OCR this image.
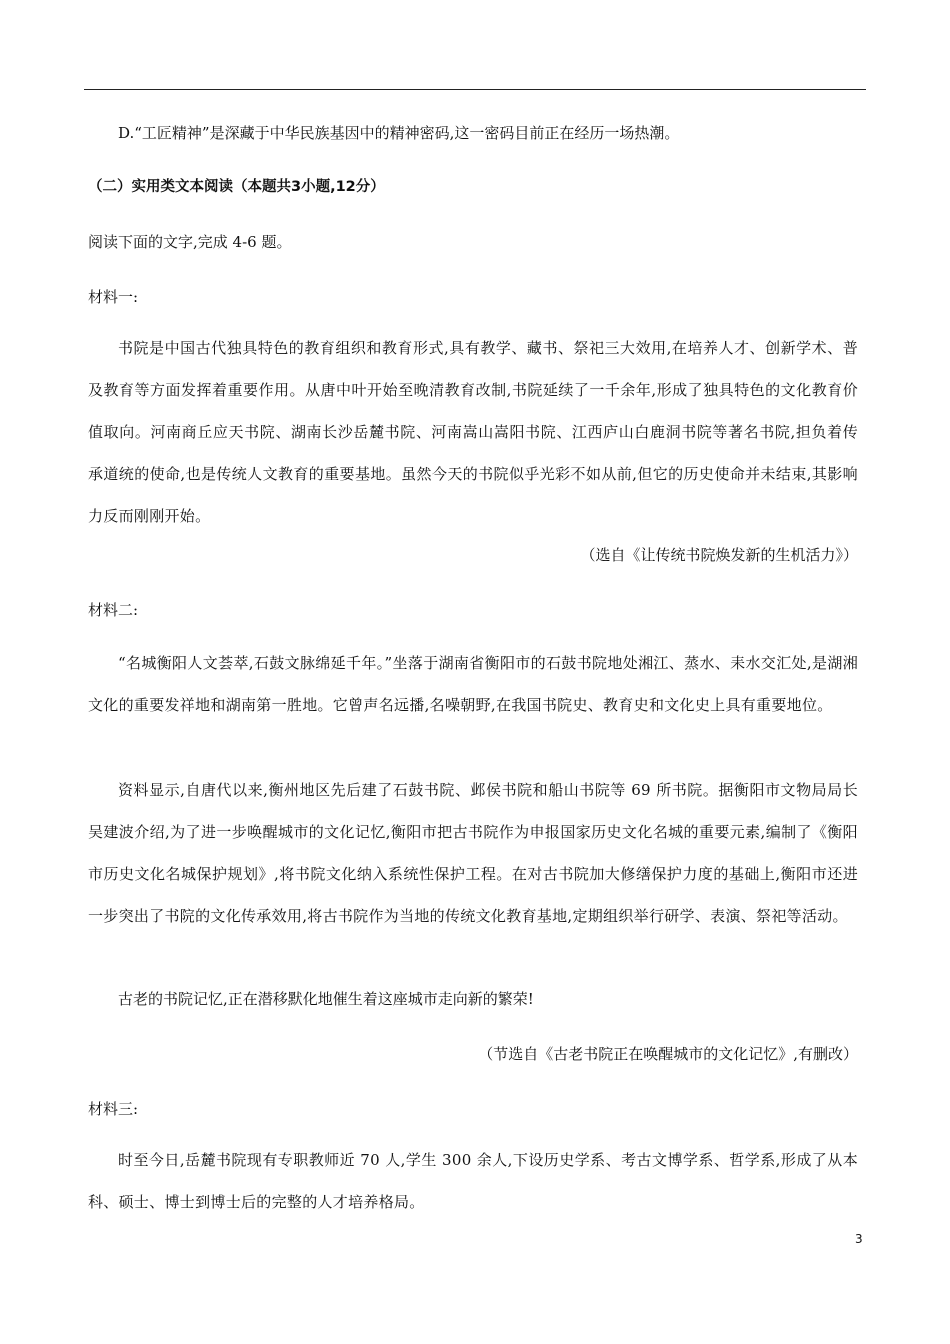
D.“工匠精神”是深藏于中华民族基因中的精神密码,这一密码目前正在经历一场热潮。
（二）实用类文本阅读（本题共3小题,12分）
阅读下面的文字,完成 4-6 题。
材料一:
书院是中国古代独具特色的教育组织和教育形式,具有教学、藏书、祭祀三大效用,在培养人才、创新学术、普及教育等方面发挥着重要作用。从唐中叶开始至晚清教育改制,书院延续了一千余年,形成了独具特色的文化教育价值取向。河南商丘应天书院、湖南长沙岳麓书院、河南嵩山嵩阳书院、江西庐山白鹿洞书院等著名书院,担负着传承道统的使命,也是传统人文教育的重要基地。虽然今天的书院似乎光彩不如从前,但它的历史使命并未结束,其影响力反而刚刚开始。
（选自《让传统书院焕发新的生机活力》）
材料二:
“名城衡阳人文荟萃,石鼓文脉绵延千年。”坐落于湖南省衡阳市的石鼓书院地处湘江、蒸水、耒水交汇处,是湖湘文化的重要发祥地和湖南第一胜地。它曾声名远播,名噪朝野,在我国书院史、教育史和文化史上具有重要地位。
资料显示,自唐代以来,衡州地区先后建了石鼓书院、邺侯书院和船山书院等 69 所书院。据衡阳市文物局局长吴建波介绍,为了进一步唤醒城市的文化记忆,衡阳市把古书院作为申报国家历史文化名城的重要元素,编制了《衡阳市历史文化名城保护规划》,将书院文化纳入系统性保护工程。在对古书院加大修缮保护力度的基础上,衡阳市还进一步突出了书院的文化传承效用,将古书院作为当地的传统文化教育基地,定期组织举行研学、表演、祭祀等活动。
古老的书院记忆,正在潜移默化地催生着这座城市走向新的繁荣!
（节选自《古老书院正在唤醒城市的文化记忆》,有删改）
材料三:
时至今日,岳麓书院现有专职教师近 70 人,学生 300 余人,下设历史学系、考古文博学系、哲学系,形成了从本科、硕士、博士到博士后的完整的人才培养格局。
3
